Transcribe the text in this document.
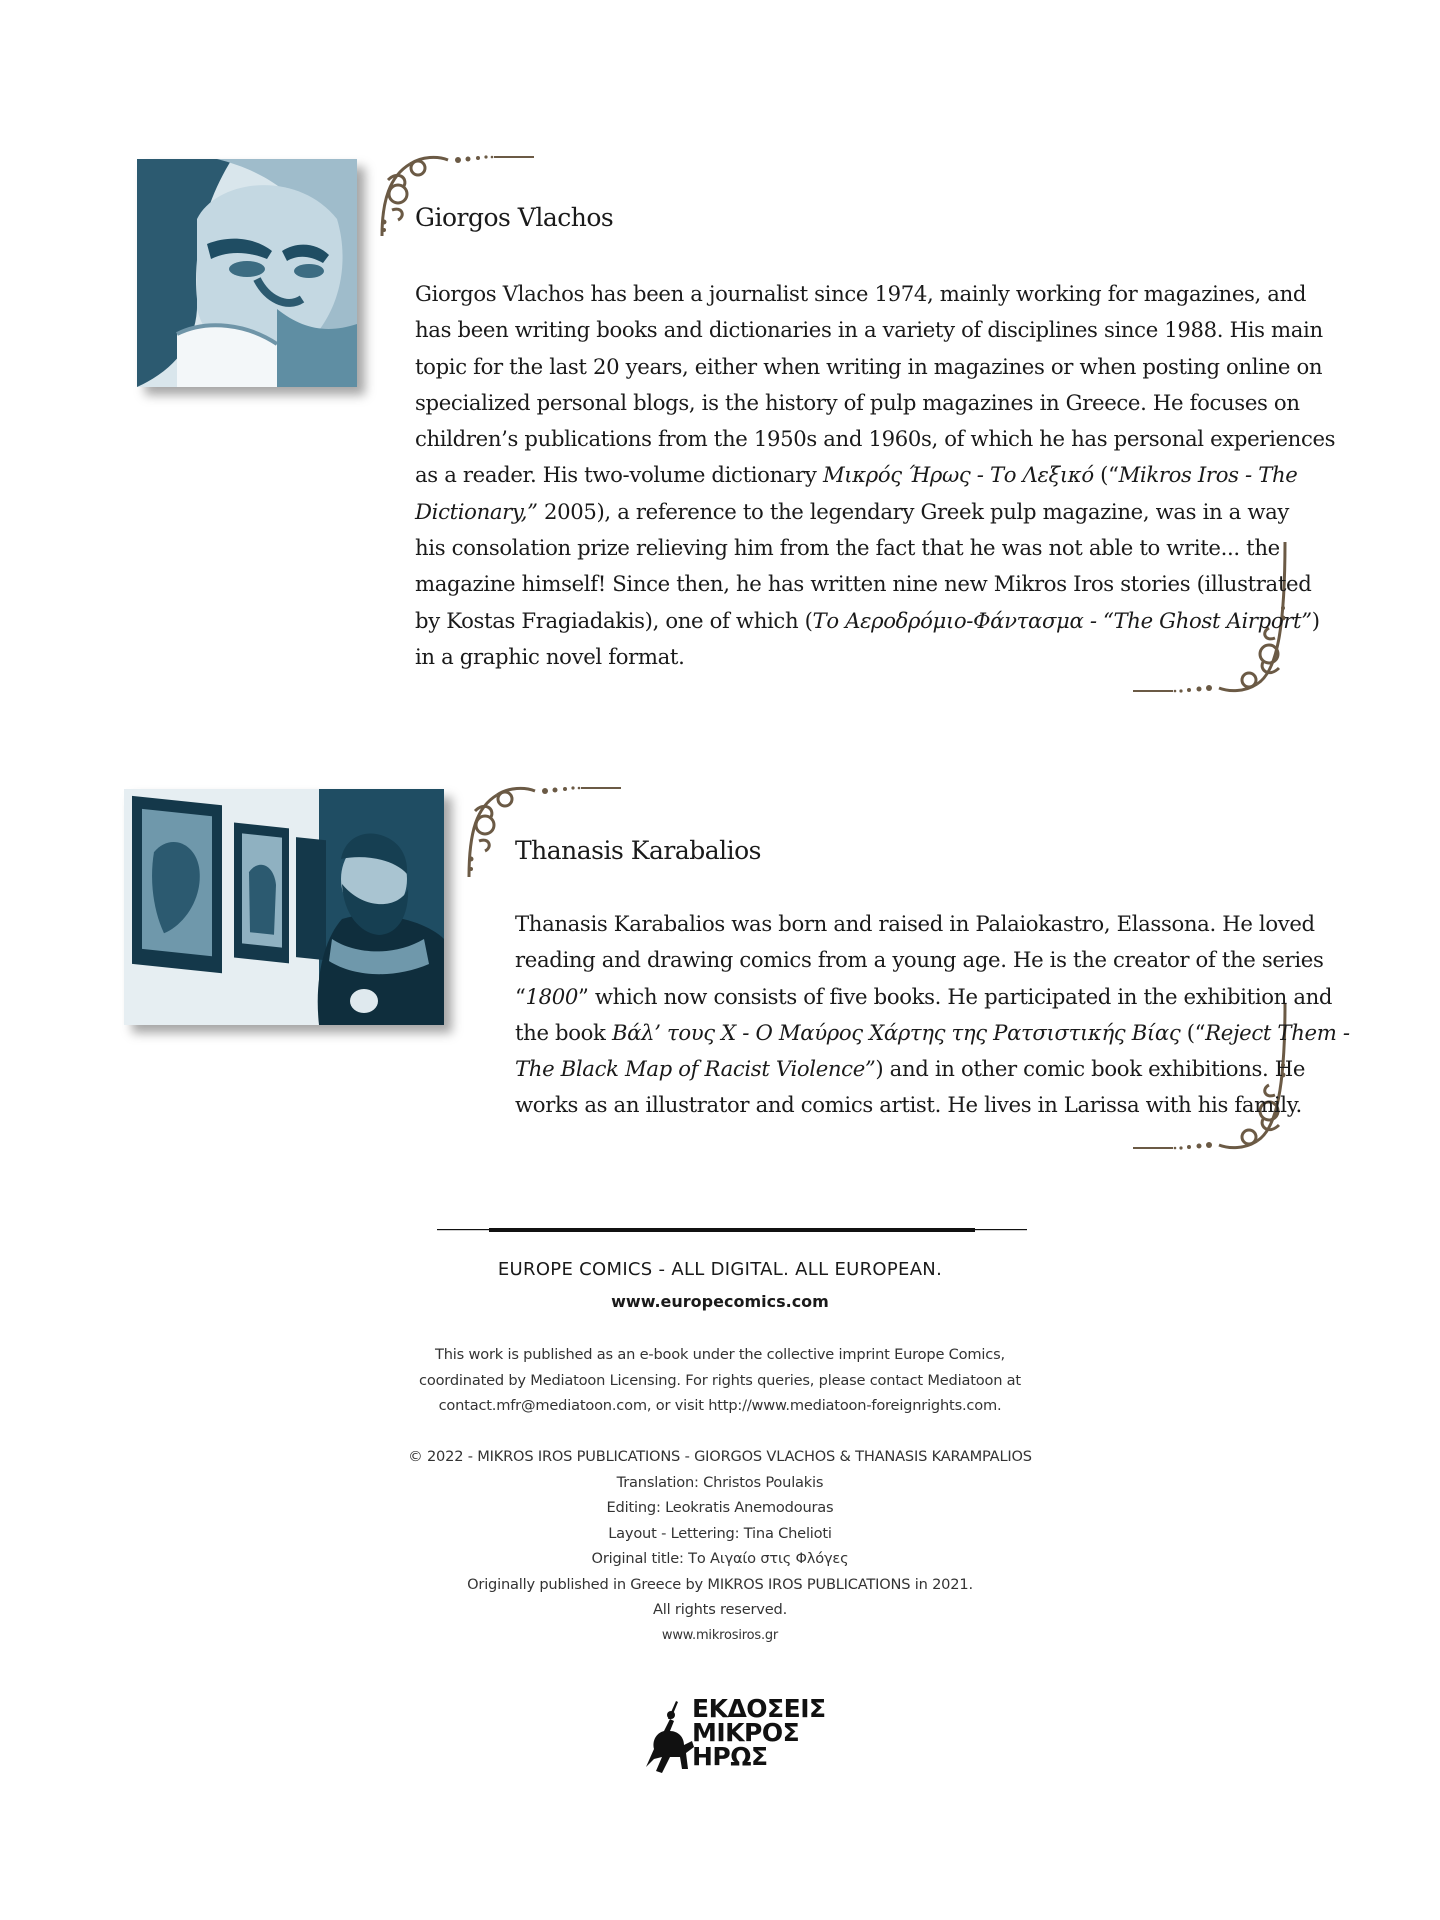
Giorgos Vlachos
Giorgos Vlachos has been a journalist since 1974, mainly working for magazines, and
has been writing books and dictionaries in a variety of disciplines since 1988. His main
topic for the last 20 years, either when writing in magazines or when posting online on
specialized personal blogs, is the history of pulp magazines in Greece. He focuses on
children’s publications from the 1950s and 1960s, of which he has personal experiences
as a reader. His two-volume dictionary Μικρός Ήρως - Το Λεξικό (“Mikros Iros - The
Dictionary,” 2005), a reference to the legendary Greek pulp magazine, was in a way
his consolation prize relieving him from the fact that he was not able to write... the
magazine himself! Since then, he has written nine new Mikros Iros stories (illustrated
by Kostas Fragiadakis), one of which (Το Αεροδρόμιο-Φάντασμα - “The Ghost Airport”)
in a graphic novel format.
Thanasis Karabalios
Thanasis Karabalios was born and raised in Palaiokastro, Elassona. He loved
reading and drawing comics from a young age. He is the creator of the series
“1800” which now consists of five books. He participated in the exhibition and
the book Βάλ’ τους Χ - Ο Μαύρος Χάρτης της Ρατσιστικής Βίας (“Reject Them -
The Black Map of Racist Violence”) and in other comic book exhibitions. He
works as an illustrator and comics artist. He lives in Larissa with his family.
EUROPE COMICS - ALL DIGITAL. ALL EUROPEAN.
www.europecomics.com
This work is published as an e-book under the collective imprint Europe Comics,
coordinated by Mediatoon Licensing. For rights queries, please contact Mediatoon at
contact.mfr@mediatoon.com, or visit http://www.mediatoon-foreignrights.com.
© 2022 - MIKROS IROS PUBLICATIONS - GIORGOS VLACHOS & THANASIS KARAMPALIOS
Translation: Christos Poulakis
Editing: Leokratis Anemodouras
Layout - Lettering: Tina Chelioti
Original title: Το Αιγαίο στις Φλόγες
Originally published in Greece by MIKROS IROS PUBLICATIONS in 2021.
All rights reserved.
www.mikrosiros.gr
ΕΚΔΟΣΕΙΣ
ΜΙΚΡΟΣ
ΗΡΩΣ
